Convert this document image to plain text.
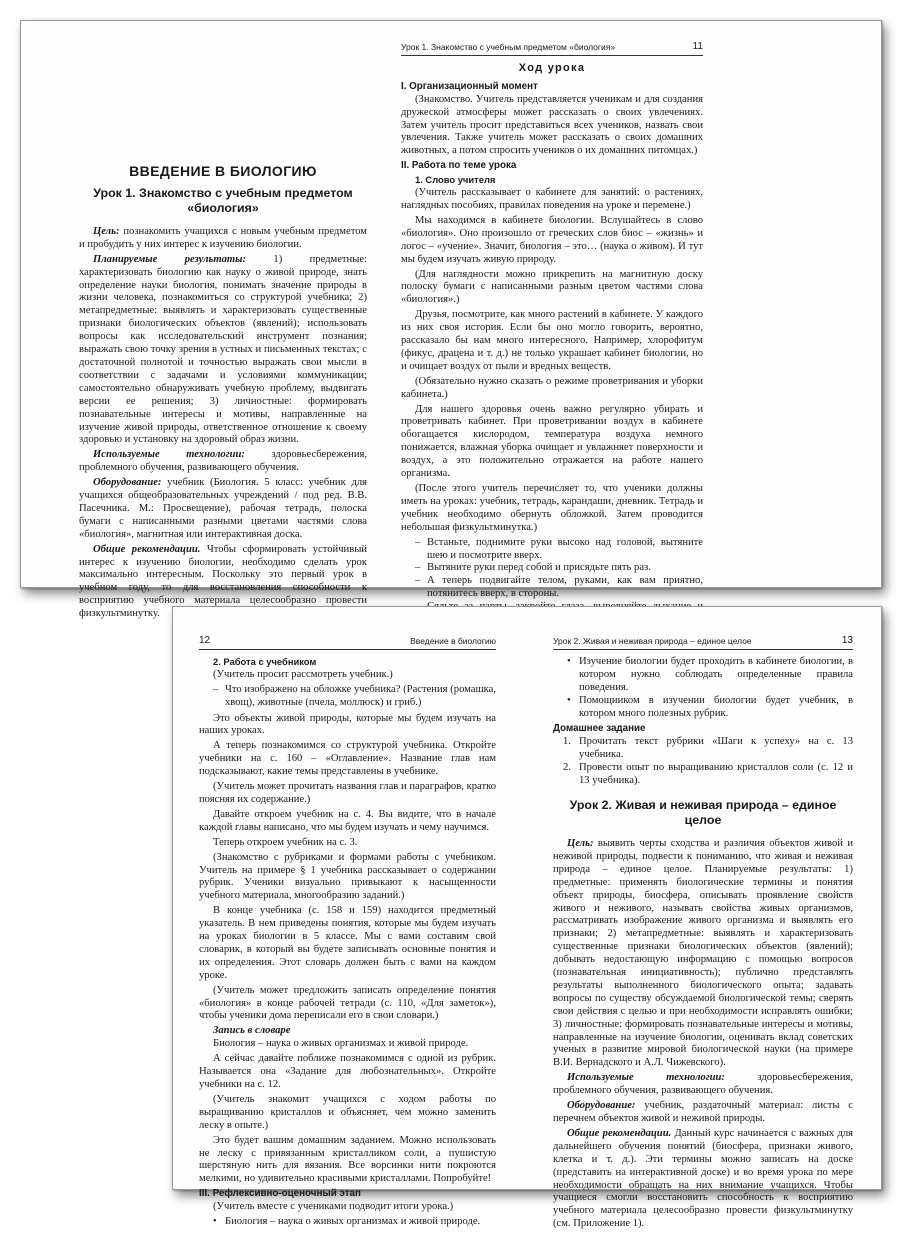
ВВЕДЕНИЕ В БИОЛОГИЮ
Урок 1. Знакомство с учебным предметом «биология»

Цель: познакомить учащихся с новым учебным предметом и пробудить у них интерес к изучению биологии.

Планируемые результаты: 1) предметные: характеризовать биологию как науку о живой природе, знать определение науки биология, понимать значение природы в жизни человека, познакомиться со структурой учебника; 2) метапредметные: выявлять и характеризовать существенные признаки биологических объектов (явлений); использовать вопросы как исследовательский инструмент познания; выражать свою точку зрения в устных и письменных текстах; с достаточной полнотой и точностью выражать свои мысли в соответствии с задачами и условиями коммуникации; самостоятельно обнаруживать учебную проблему, выдвигать версии ее решения; 3) личностные: формировать познавательные интересы и мотивы, направленные на изучение живой природы, ответственное отношение к своему здоровью и установку на здоровый образ жизни.

Используемые технологии: здоровьесбережения, проблемного обучения, развивающего обучения.

Оборудование: учебник (Биология. 5 класс: учебник для учащихся общеобразовательных учреждений / под ред. В.В. Пасечника. М.: Просвещение), рабочая тетрадь, полоска бумаги с написанными разными цветами частями слова «биология», магнитная или интерактивная доска.

Общие рекомендации. Чтобы сформировать устойчивый интерес к изучению биологии, необходимо сделать урок максимально интересным. Поскольку это первый урок в учебном году, то для восстановления способности к восприятию учебного материала целесообразно провести физкультминутку.

Урок 1. Знакомство с учебным предметом «биология»	11
Ход урока
I. Организационный момент

(Знакомство. Учитель представляется ученикам и для создания дружеской атмосферы может рассказать о своих увлечениях. Затем учитель просит представиться всех учеников, назвать свои увлечения. Также учитель может рассказать о своих домашних животных, а потом спросить учеников о их домашних питомцах.)

II. Работа по теме урока
1. Слово учителя

(Учитель рассказывает о кабинете для занятий: о растениях, наглядных пособиях, правилах поведения на уроке и перемене.)

Мы находимся в кабинете биологии. Вслушайтесь в слово «биология». Оно произошло от греческих слов биос – «жизнь» и логос – «учение». Значит, биология – это… (наука о живом). И тут мы будем изучать живую природу.

(Для наглядности можно прикрепить на магнитную доску полоску бумаги с написанными разным цветом частями слова «биология».)

Друзья, посмотрите, как много растений в кабинете. У каждого из них своя история. Если бы оно могло говорить, вероятно, рассказало бы нам много интересного. Например, хлорофитум (фикус, драцена и т. д.) не только украшает кабинет биологии, но и очищает воздух от пыли и вредных веществ.

(Обязательно нужно сказать о режиме проветривания и уборки кабинета.)

Для нашего здоровья очень важно регулярно убирать и проветривать кабинет. При проветривании воздух в кабинете обогащается кислородом, температура воздуха немного понижается, влажная уборка очищает и увлажняет поверхности и воздух, а это положительно отражается на работе нашего организма.

(После этого учитель перечисляет то, что ученики должны иметь на уроках: учебник, тетрадь, карандаши, дневник. Тетрадь и учебник необходимо обернуть обложкой. Затем проводится небольшая физкультминутка.)

– Встаньте, поднимите руки высоко над головой, вытяните шею и посмотрите вверх.
– Вытяните руки перед собой и присядьте пять раз.
– А теперь подвигайте телом, руками, как вам приятно, потянитесь вверх, в стороны.
–
12	Введение в биологию
2. Работа с учебником

(Учитель просит рассмотреть учебник.)

– Что изображено на обложке учебника? (Растения (ромашка, хвощ), животные (пчела, моллюск) и гриб.)

Это объекты живой природы, которые мы будем изучать на наших уроках.

А теперь познакомимся со структурой учебника. Откройте учебники на с. 160 – «Оглавление». Название глав нам подсказывают, какие темы представлены в учебнике.

(Учитель может прочитать названия глав и параграфов, кратко поясняя их содержание.)

Давайте откроем учебник на с. 4. Вы видите, что в начале каждой главы написано, что мы будем изучать и чему научимся.

Теперь откроем учебник на с. 3.

(Знакомство с рубриками и формами работы с учебником. Учитель на примере § 1 учебника рассказывает о содержании рубрик. Ученики визуально привыкают к насыщенности учебного материала, многообразию заданий.)

В конце учебника (с. 158 и 159) находится предметный указатель. В нем приведены понятия, которые мы будем изучать на уроках биологии в 5 классе. Мы с вами составим свой словарик, в который вы будете записывать основные понятия и их определения. Этот словарь должен быть с вами на каждом уроке.

(Учитель может предложить записать определение понятия «биология» в конце рабочей тетради (с. 110, «Для заметок»), чтобы ученики дома переписали его в свои словари.)

Запись в словаре

Биология – наука о живых организмах и живой природе.

А сейчас давайте поближе познакомимся с одной из рубрик. Называется она «Задание для любознательных». Откройте учебники на с. 12.

(Учитель знакомит учащихся с ходом работы по выращиванию кристаллов и объясняет, чем можно заменить леску в опыте.)

Это будет вашим домашним заданием. Можно использовать не леску с привязанным кристалликом соли, а пушистую шерстяную нить для вязания. Все ворсинки нити покроются мелкими, но удивительно красивыми кристаллами. Попробуйте!

III. Рефлексивно-оценочный этап

(Учитель вместе с учениками подводит итоги урока.)

• Биология – наука о живых организмах и живой природе.
Урок 2. Живая и неживая природа – единое целое	13
• Изучение биологии будет проходить в кабинете биологии, в котором нужно соблюдать определенные правила поведения.
• Помощником в изучении биологии будет учебник, в котором много полезных рубрик.
Домашнее задание
1. Прочитать текст рубрики «Шаги к успеху» на с. 13 учебника.
2. Провести опыт по выращиванию кристаллов соли (с. 12 и 13 учебника).
Урок 2. Живая и неживая природа – единое целое

Цель: выявить черты сходства и различия объектов живой и неживой природы, подвести к пониманию, что живая и неживая природа – единое целое. Планируемые результаты: 1) предметные: применять биологические термины и понятия объект природы, биосфера, описывать проявление свойств живого и неживого, называть свойства живых организмов, рассматривать изображение живого организма и выявлять его признаки; 2) метапредметные: выявлять и характеризовать существенные признаки биологических объектов (явлений); добывать недостающую информацию с помощью вопросов (познавательная инициативность); публично представлять результаты выполненного биологического опыта; задавать вопросы по существу обсуждаемой биологической темы; сверять свои действия с целью и при необходимости исправлять ошибки; 3) личностные: формировать познавательные интересы и мотивы, направленные на изучение биологии, оценивать вклад советских ученых в развитие мировой биологической науки (на примере В.И. Вернадского и А.Л. Чижевского).

Используемые технологии: здоровьесбережения, проблемного обучения, развивающего обучения.

Оборудование: учебник, раздаточный материал: листы с перечнем объектов живой и неживой природы.

Общие рекомендации. Данный курс начинается с важных для дальнейшего обучения понятий (биосфера, признаки живого, клетка и т. д.). Эти термины можно записать на доске (представить на интерактивной доске) и во время урока по мере необходимости обращать на них внимание учащихся. Чтобы учащиеся смогли восстановить способность к восприятию учебного материала целесообразно провести физкультминутку (см. Приложение 1).
